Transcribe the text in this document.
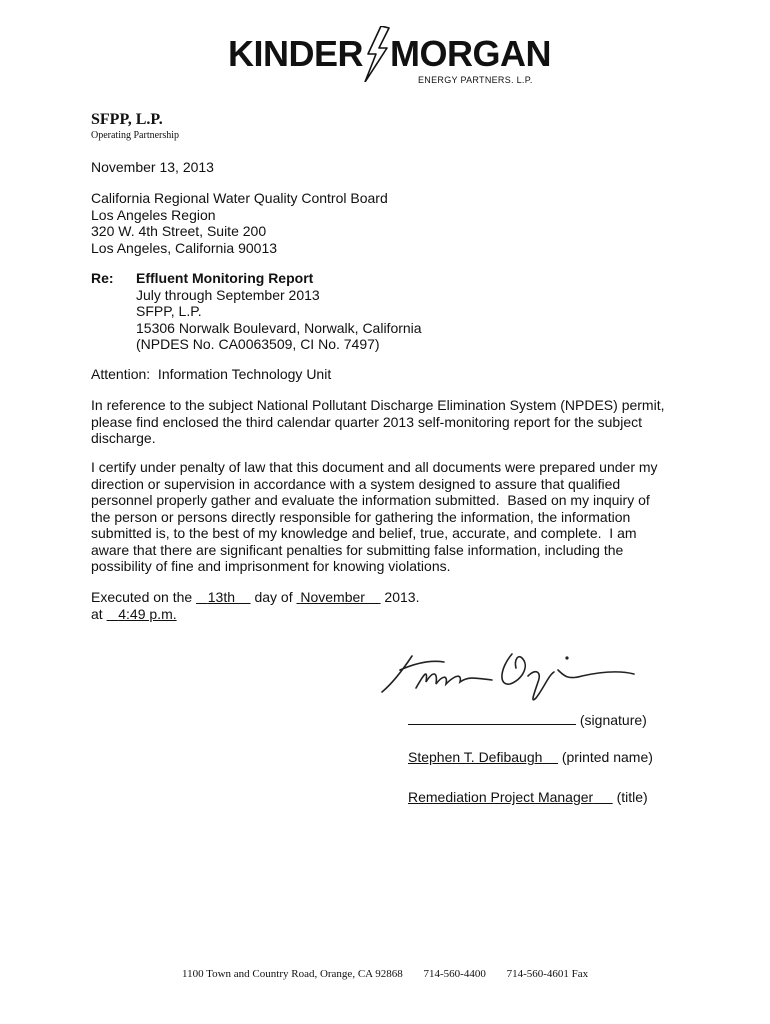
KINDER MORGAN
ENERGY PARTNERS. L.P.
SFPP, L.P.
Operating Partnership
November 13, 2013
California Regional Water Quality Control Board
Los Angeles Region
320 W. 4th Street, Suite 200
Los Angeles, California 90013
Re: Effluent Monitoring Report
July through September 2013
SFPP, L.P.
15306 Norwalk Boulevard, Norwalk, California
(NPDES No. CA0063509, CI No. 7497)
Attention:  Information Technology Unit

In reference to the subject National Pollutant Discharge Elimination System (NPDES) permit, please find enclosed the third calendar quarter 2013 self-monitoring report for the subject discharge.

I certify under penalty of law that this document and all documents were prepared under my direction or supervision in accordance with a system designed to assure that qualified personnel properly gather and evaluate the information submitted.  Based on my inquiry of the person or persons directly responsible for gathering the information, the information submitted is, to the best of my knowledge and belief, true, accurate, and complete.  I am aware that there are significant penalties for submitting false information, including the possibility of fine and imprisonment for knowing violations.

Executed on the    13th     day of  November     2013.
at    4:49 p.m.
(signature)
Stephen T. Defibaugh (printed name)
Remediation Project Manager (title)
1100 Town and Country Road, Orange, CA 92868 714-560-4400 714-560-4601 Fax
